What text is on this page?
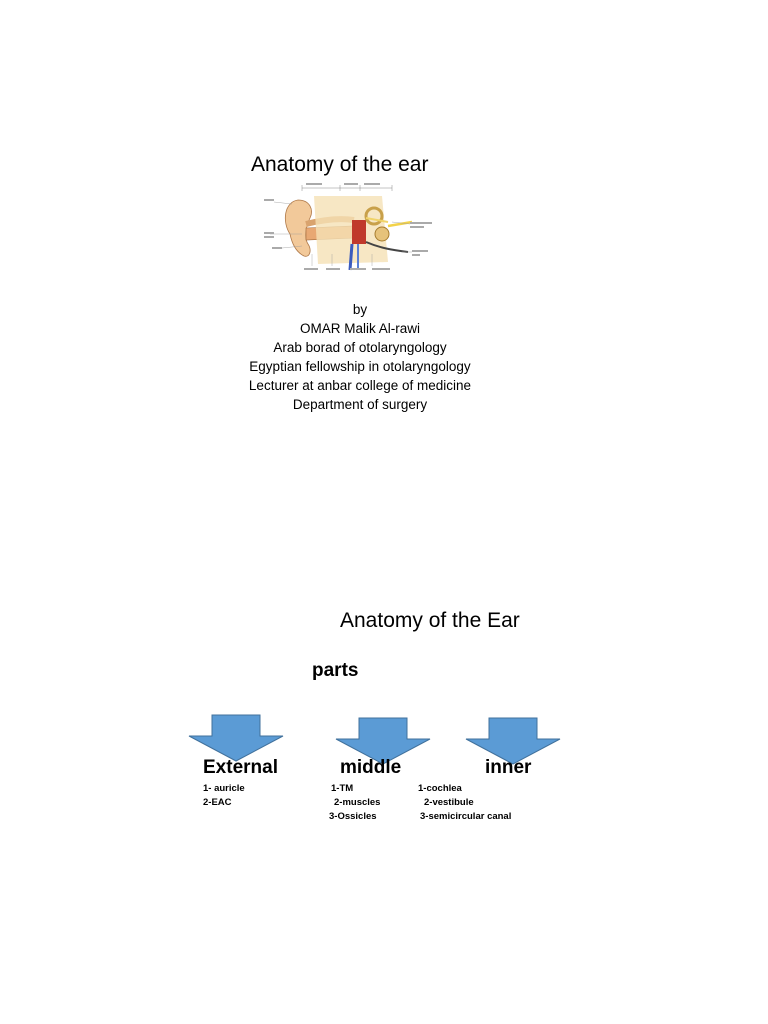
Anatomy of the ear
by
OMAR Malik Al-rawi
Arab borad of otolaryngology
Egyptian fellowship in otolaryngology
Lecturer at anbar college of medicine
Department of surgery
Anatomy of the Ear
parts
External	middle	inner
1- auricle
2-EAC
1-TM
2-muscles
3-Ossicles
1-cochlea
2-vestibule
3-semicircular canal
